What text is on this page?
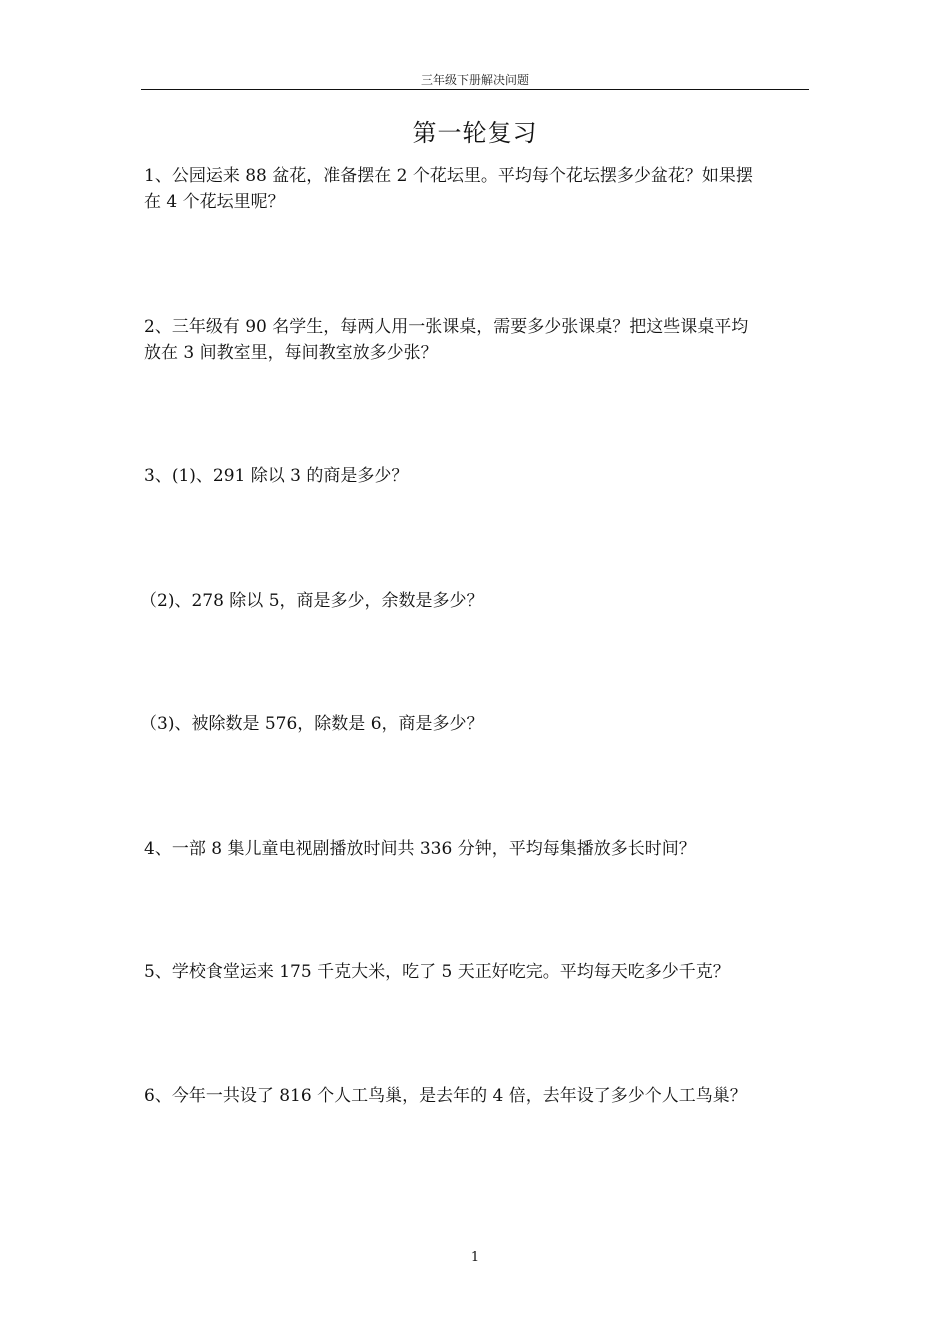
三年级下册解决问题
第一轮复习
1、公园运来 88 盆花，准备摆在 2 个花坛里。平均每个花坛摆多少盆花？如果摆
在 4 个花坛里呢？
2、三年级有 90 名学生，每两人用一张课桌，需要多少张课桌？把这些课桌平均
放在 3 间教室里，每间教室放多少张？
3、(1)、291 除以 3 的商是多少？
（2)、278 除以 5，商是多少，余数是多少？
（3)、被除数是 576，除数是 6，商是多少？
4、一部 8 集儿童电视剧播放时间共 336 分钟，平均每集播放多长时间？
5、学校食堂运来 175 千克大米，吃了 5 天正好吃完。平均每天吃多少千克？
6、今年一共设了 816 个人工鸟巢，是去年的 4 倍，去年设了多少个人工鸟巢？
1
